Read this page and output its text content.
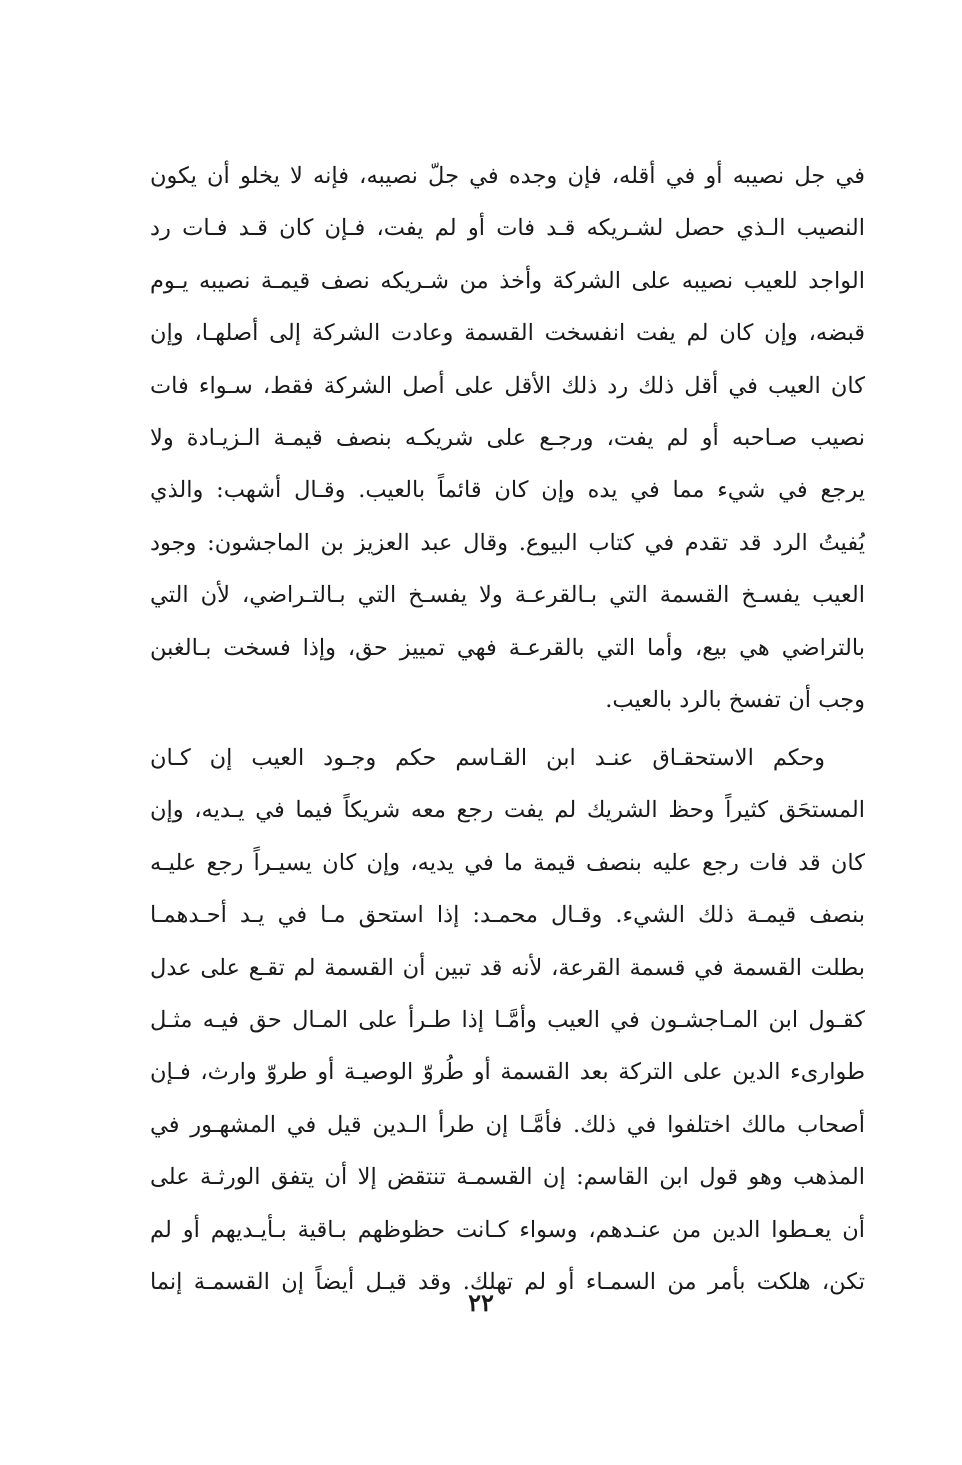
في جل نصيبه أو في أقله، فإن وجده في جلّ نصيبه، فإنه لا يخلو أن يكون
النصيب الـذي حصل لشـريكه قـد فات أو لم يفت، فـإن كان قـد فـات رد
الواجد للعيب نصيبه على الشركة وأخذ من شـريكه نصف قيمـة نصيبه يـوم
قبضه، وإن كان لم يفت انفسخت القسمة وعادت الشركة إلى أصلهـا، وإن
كان العيب في أقل ذلك رد ذلك الأقل على أصل الشركة فقط، سـواء فات
نصيب صـاحبه أو لم يفت، ورجـع على شريكـه بنصف قيمـة الـزيـادة ولا
يرجع في شيء مما في يده وإن كان قائماً بالعيب. وقـال أشهب: والذي
يُفيتُ الرد قد تقدم في كتاب البيوع. وقال عبد العزيز بن الماجشون: وجود
العيب يفسـخ القسمة التي بـالقرعـة ولا يفسـخ التي بـالتـراضي، لأن التي
بالتراضي هي بيع، وأما التي بالقرعـة فهي تمييز حق، وإذا فسخت بـالغبن
وجب أن تفسخ بالرد بالعيب.
وحكم الاستحقـاق عنـد ابن القـاسم حكم وجـود العيب إن كـان
المستحَق كثيراً وحظ الشريك لم يفت رجع معه شريكاً فيما في يـديه، وإن
كان قد فات رجع عليه بنصف قيمة ما في يديه، وإن كان يسيـراً رجع عليـه
بنصف قيمـة ذلك الشيء. وقـال محمـد: إذا استحق مـا في يـد أحـدهمـا
بطلت القسمة في قسمة القرعة، لأنه قد تبين أن القسمة لم تقـع على عدل
كقـول ابن المـاجشـون في العيب وأمَّـا إذا طـرأ على المـال حق فيـه مثـل
طوارىء الدين على التركة بعد القسمة أو طُروّ الوصيـة أو طروّ وارث، فـإن
أصحاب مالك اختلفوا في ذلك. فأمَّـا إن طرأ الـدين قيل في المشهـور في
المذهب وهو قول ابن القاسم: إن القسمـة تنتقض إلا أن يتفق الورثـة على
أن يعـطوا الدين من عنـدهم، وسواء كـانت حظوظهم بـاقية بـأيـديهم أو لم
تكن، هلكت بأمر من السمـاء أو لم تهلك. وقد قيـل أيضاً إن القسمـة إنما
٢٢
